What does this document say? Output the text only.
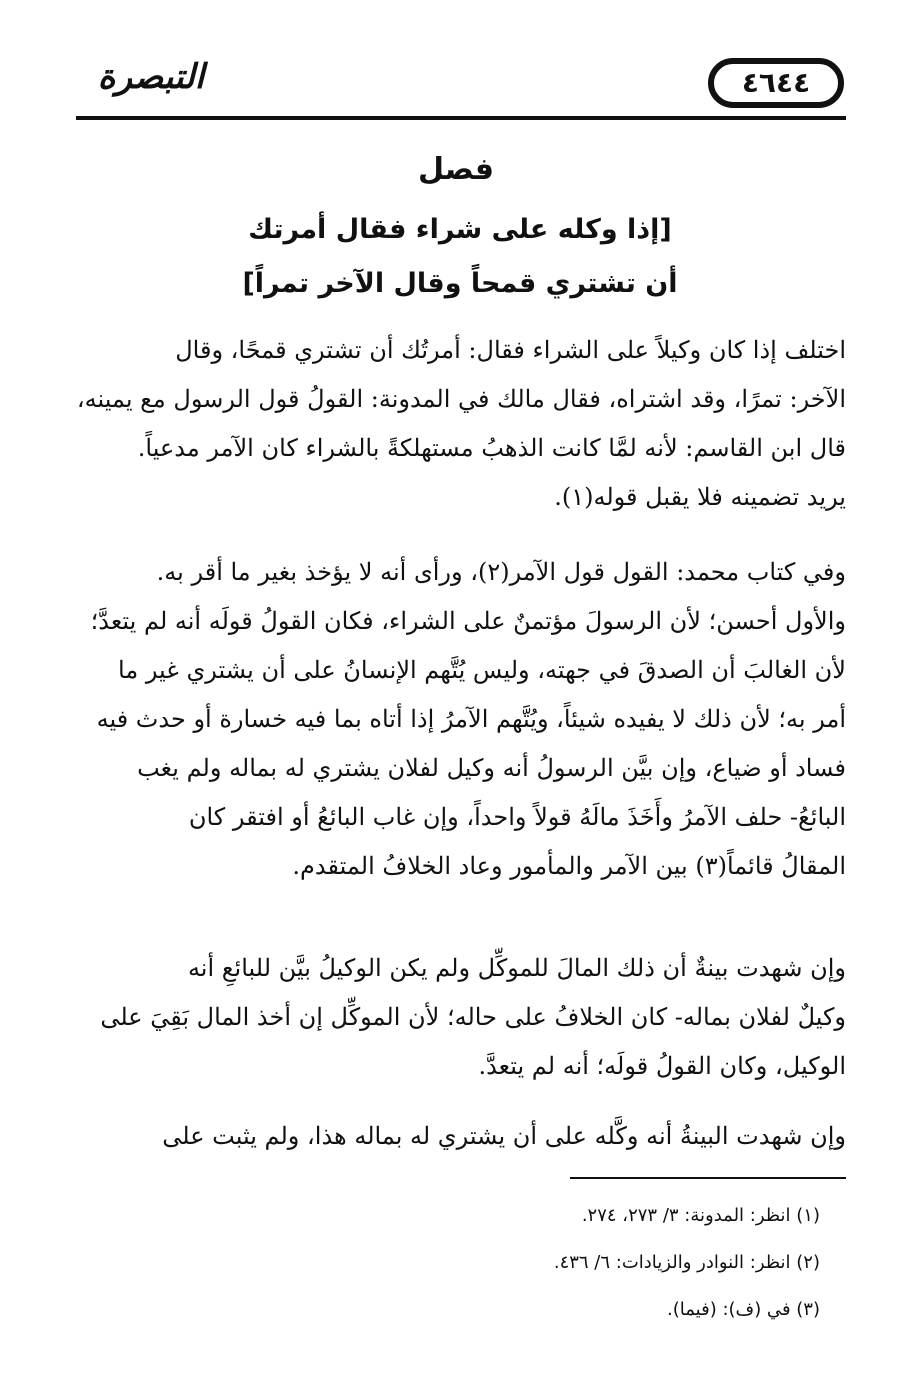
التبصرة	٤٦٤٤
فصل
[إذا وكله على شراء فقال أمرتك
أن تشتري قمحاً وقال الآخر تمراً]

اختلف إذا كان وكيلاً على الشراء فقال: أمرتُك أن تشتري قمحًا، وقال

الآخر: تمرًا، وقد اشتراه، فقال مالك في المدونة: القولُ قول الرسول مع يمينه،

قال ابن القاسم: لأنه لمَّا كانت الذهبُ مستهلكةً بالشراء كان الآمر مدعياً.

يريد تضمينه فلا يقبل قوله(١).

وفي كتاب محمد: القول قول الآمر(٢)، ورأى أنه لا يؤخذ بغير ما أقر به.

والأول أحسن؛ لأن الرسولَ مؤتمنٌ على الشراء، فكان القولُ قولَه أنه لم يتعدَّ؛

لأن الغالبَ أن الصدقَ في جهته، وليس يُتَّهم الإنسانُ على أن يشتري غير ما

أمر به؛ لأن ذلك لا يفيده شيئاً، ويُتَّهم الآمرُ إذا أتاه بما فيه خسارة أو حدث فيه

فساد أو ضياع، وإن بيَّن الرسولُ أنه وكيل لفلان يشتري له بماله ولم يغب

البائعُ- حلف الآمرُ وأَخَذَ مالَهُ قولاً واحداً، وإن غاب البائعُ أو افتقر كان

المقالُ قائماً(٣) بين الآمر والمأمور وعاد الخلافُ المتقدم.

وإن شهدت بينةٌ أن ذلك المالَ للموكِّل ولم يكن الوكيلُ بيَّن للبائعِ أنه

وكيلٌ لفلان بماله- كان الخلافُ على حاله؛ لأن الموكِّل إن أخذ المال بَقِيَ على

الوكيل، وكان القولُ قولَه؛ أنه لم يتعدَّ.

وإن شهدت البينةُ أنه وكَّله على أن يشتري له بماله هذا، ولم يثبت على

(١) انظر: المدونة: ٣/ ٢٧٣، ٢٧٤.

(٢) انظر: النوادر والزيادات: ٦/ ٤٣٦.

(٣) في (ف): (فيما).
